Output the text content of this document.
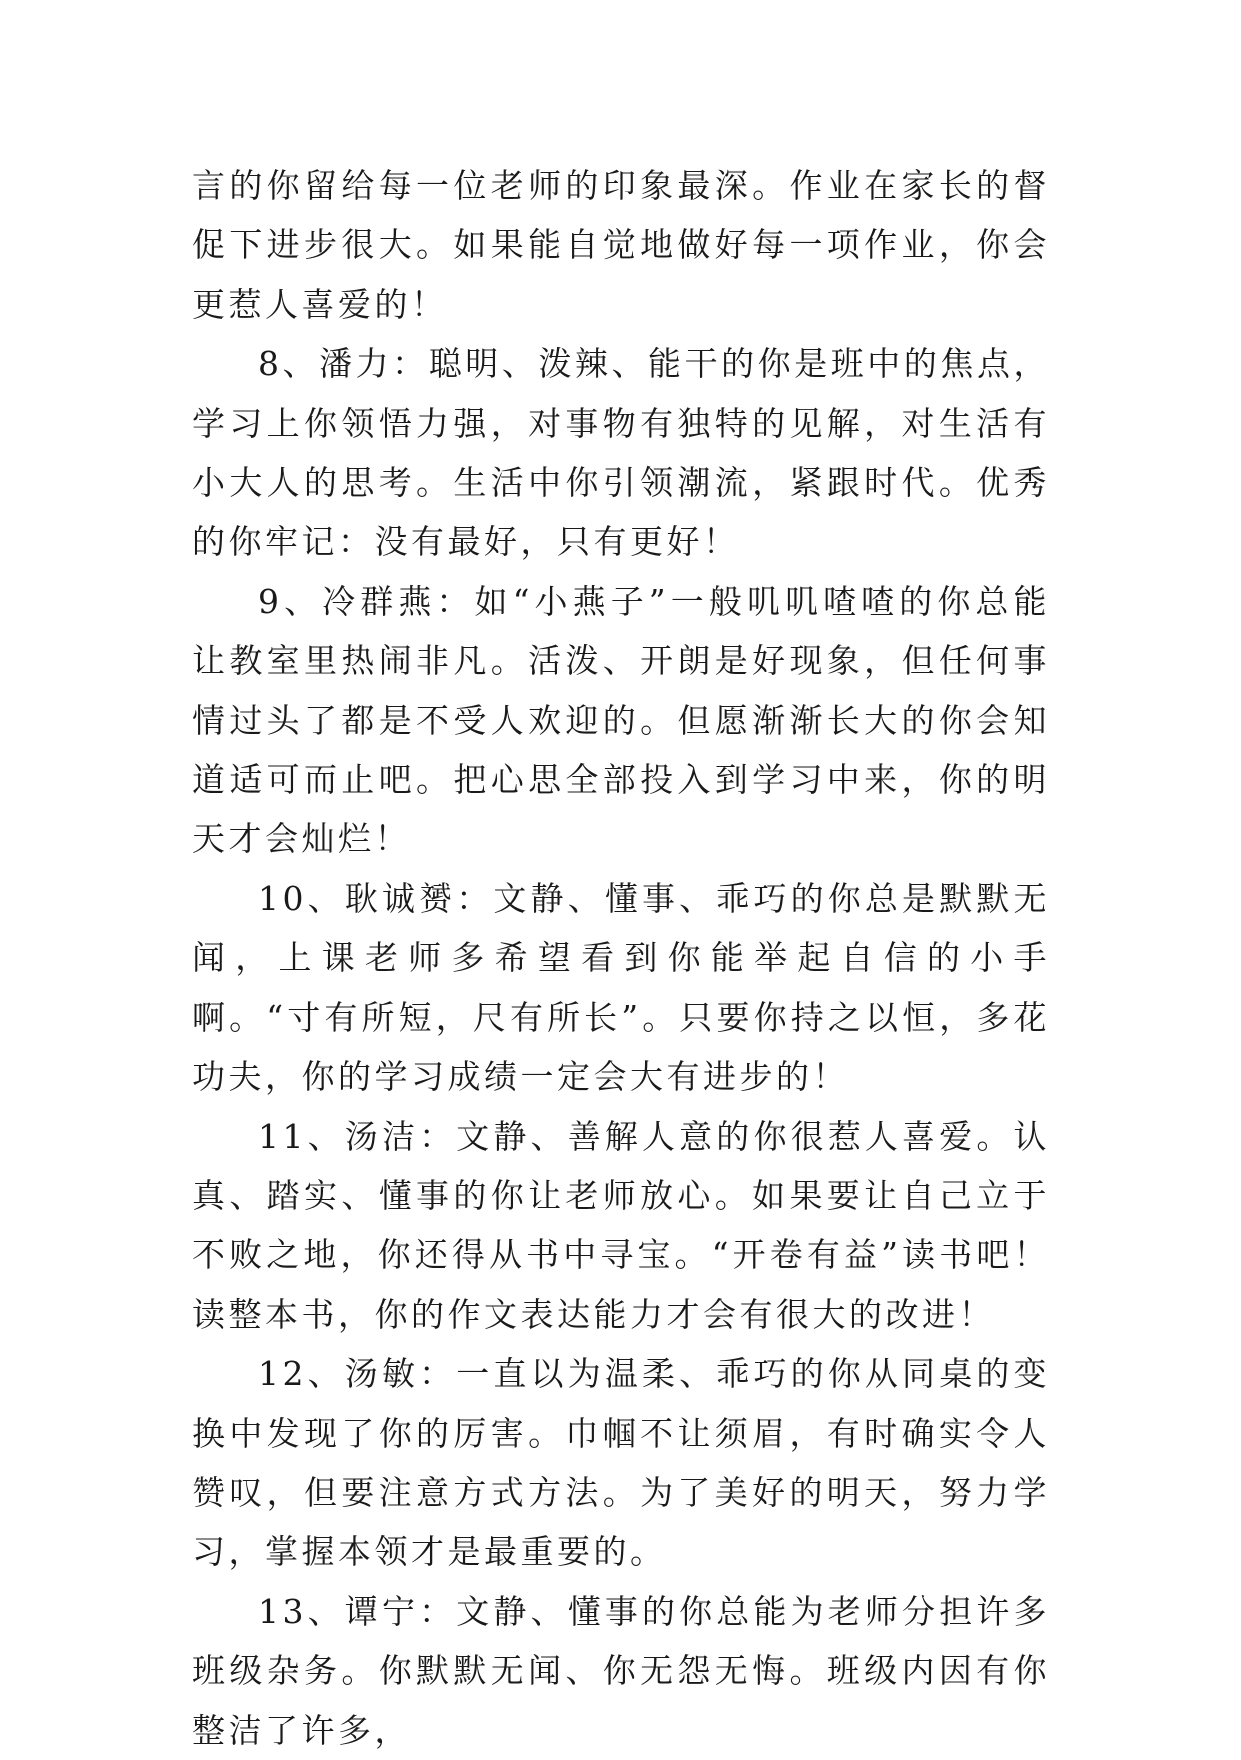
言的你留给每一位老师的印象最深。作业在家长的督促下进步很大。如果能自觉地做好每一项作业，你会更惹人喜爱的！

8、潘力：聪明、泼辣、能干的你是班中的焦点，学习上你领悟力强，对事物有独特的见解，对生活有小大人的思考。生活中你引领潮流，紧跟时代。优秀的你牢记：没有最好，只有更好！

9、冷群燕：如“小燕子”一般叽叽喳喳的你总能让教室里热闹非凡。活泼、开朗是好现象，但任何事情过头了都是不受人欢迎的。但愿渐渐长大的你会知道适可而止吧。把心思全部投入到学习中来，你的明天才会灿烂！

10、耿诚赟：文静、懂事、乖巧的你总是默默无闻，上课老师多希望看到你能举起自信的小手啊。“寸有所短，尺有所长”。只要你持之以恒，多花功夫，你的学习成绩一定会大有进步的！

11、汤洁：文静、善解人意的你很惹人喜爱。认真、踏实、懂事的你让老师放心。如果要让自己立于不败之地，你还得从书中寻宝。“开卷有益”读书吧！读整本书，你的作文表达能力才会有很大的改进！

12、汤敏：一直以为温柔、乖巧的你从同桌的变换中发现了你的厉害。巾帼不让须眉，有时确实令人赞叹，但要注意方式方法。为了美好的明天，努力学习，掌握本领才是最重要的。

13、谭宁：文静、懂事的你总能为老师分担许多班级杂务。你默默无闻、你无怨无悔。班级内因有你整洁了许多，
